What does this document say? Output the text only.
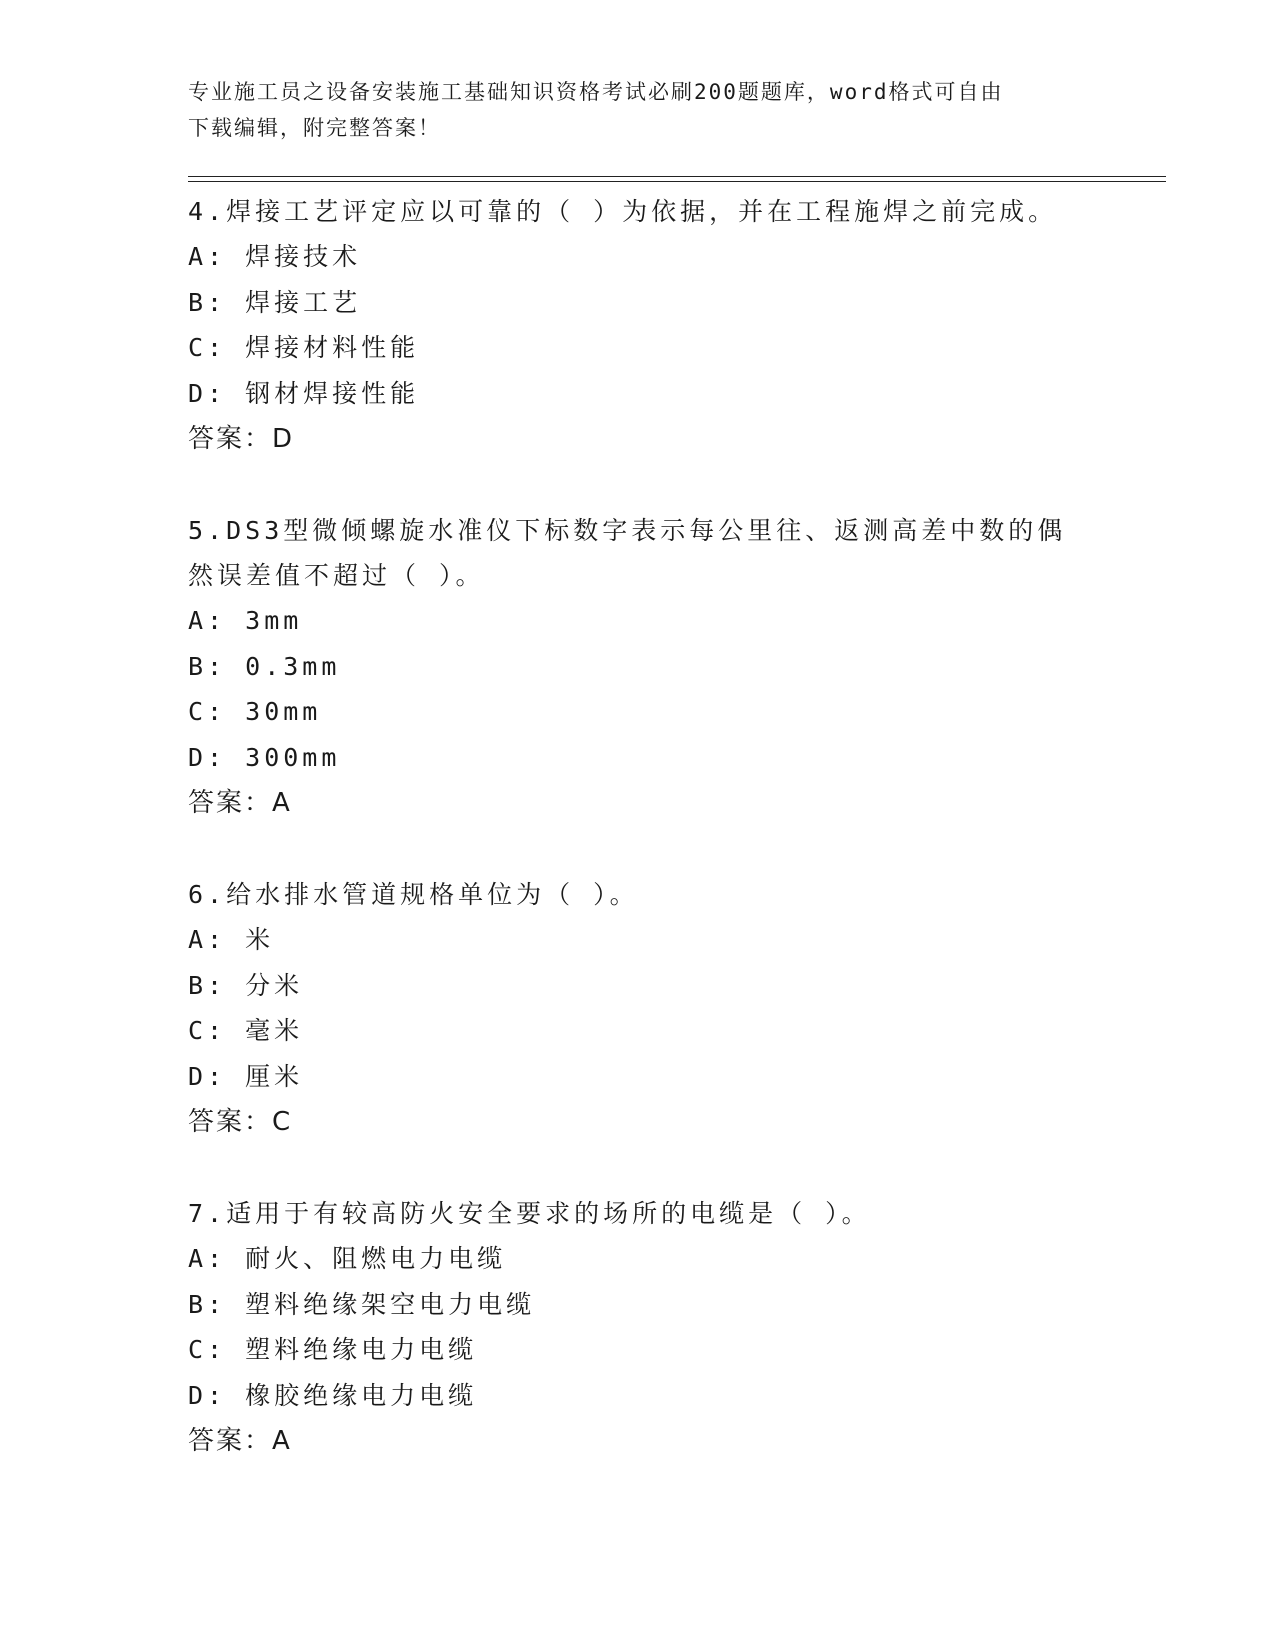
专业施工员之设备安装施工基础知识资格考试必刷200题题库，word格式可自由
下载编辑，附完整答案！

4.焊接工艺评定应以可靠的（ ）为依据，并在工程施焊之前完成。

A: 焊接技术

B: 焊接工艺

C: 焊接材料性能

D: 钢材焊接性能

答案：D

5.DS3型微倾螺旋水准仪下标数字表示每公里往、返测高差中数的偶然误差值不超过（ ）。

A: 3mm

B: 0.3mm

C: 30mm

D: 300mm

答案：A

6.给水排水管道规格单位为（ ）。

A: 米

B: 分米

C: 毫米

D: 厘米

答案：C

7.适用于有较高防火安全要求的场所的电缆是（ ）。

A: 耐火、阻燃电力电缆

B: 塑料绝缘架空电力电缆

C: 塑料绝缘电力电缆

D: 橡胶绝缘电力电缆

答案：A
